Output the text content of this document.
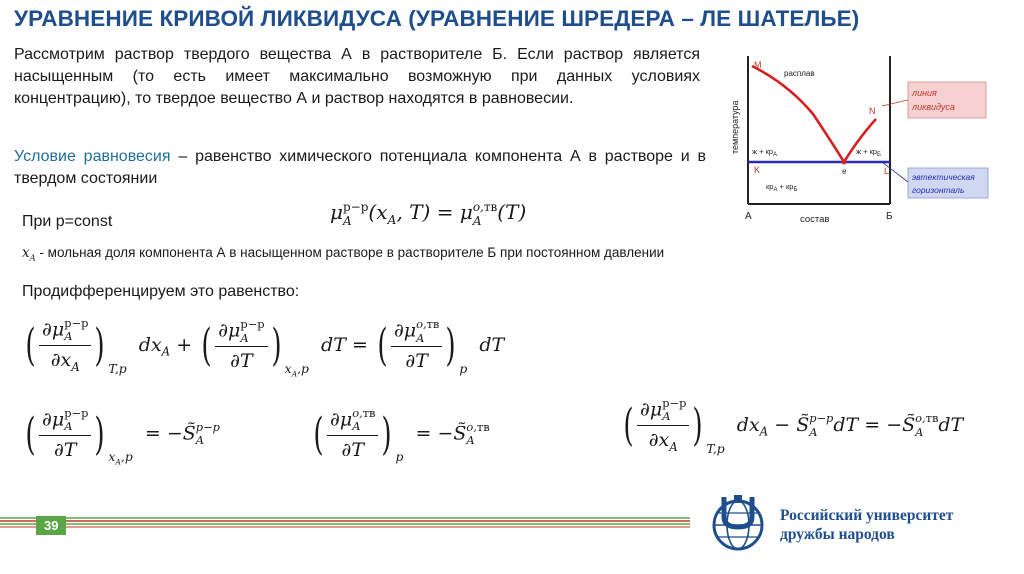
УРАВНЕНИЕ КРИВОЙ ЛИКВИДУСА (УРАВНЕНИЕ ШРЕДЕРА – ЛЕ ШАТЕЛЬЕ)
Рассмотрим раствор твердого вещества А в растворителе Б. Если раствор является насыщенным (то есть имеет максимально возможную при данных условиях концентрацию), то твердое вещество А и раствор находятся в равновесии.
Условие равновесия – равенство химического потенциала компонента А в растворе и в твердом состоянии
При р=const	μ р−р
A ($x_A$, T) = μ o,тв
A (T)
$x_A$ - мольная доля компонента А в насыщенном растворе в растворителе Б при постоянном давлении
Продифференцируем это равенство:
( ∂μ р−р
A
$\partial x_A$ ) T,p  $dx_A$ + ( ∂μ р−р
A
∂T ) $x_A,p$  dT = ( ∂μ o,тв
A
∂T ) p  dT
( ∂μ р−р
A
∂T ) $x_A,p$  = −S̃ p−p
A	( ∂μ o,тв
A
∂T ) p  = −S̃ o,тв
A	( ∂μ р−р
A
$\partial x_A$ ) T,p  $dx_A$ − S̃ p−p
A dT = −S̃ o,тв
A dT
M
N
K	e	L
расплав
$ж + кр_А$	$ж + кр_Б$
$кр_А + кр_Б$
температура
состав
А	Б
линия
ликвидуса
эвтектическая
горизонталь
39
Российский университет
дружбы народов
